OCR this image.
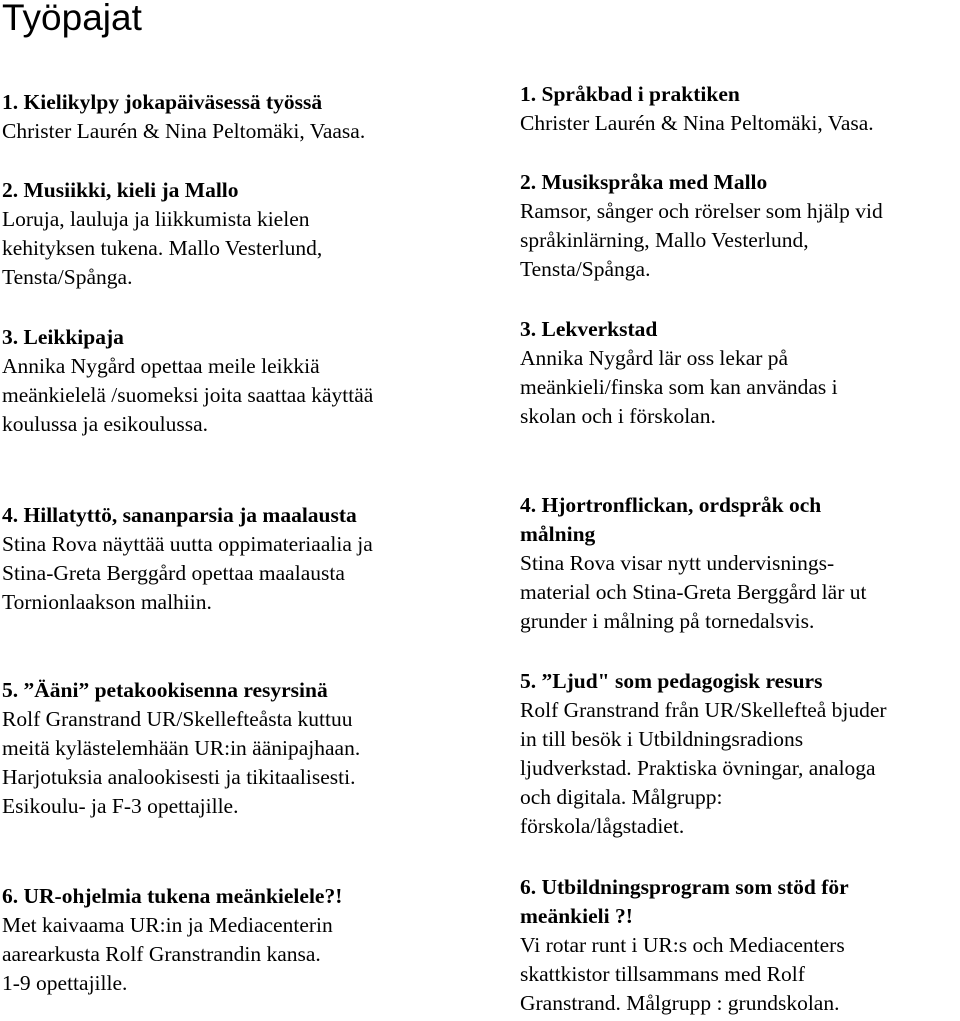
Työpajat
1. Kielikylpy jokapäiväsessä työssä
Christer Laurén & Nina Peltomäki, Vaasa.
2. Musiikki, kieli ja Mallo
Loruja, lauluja ja liikkumista kielen
kehityksen tukena. Mallo Vesterlund,
Tensta/Spånga.
3. Leikkipaja
Annika Nygård opettaa meile leikkiä
meänkielelä /suomeksi joita saattaa käyttää
koulussa ja esikoulussa.
4. Hillatyttö, sananparsia ja maalausta
Stina Rova näyttää uutta oppimateriaalia ja
Stina-Greta Berggård opettaa maalausta
Tornionlaakson malhiin.
5. ”Ääni” petakookisenna resyrsinä
Rolf Granstrand UR/Skellefteåsta kuttuu
meitä kylästelemhään UR:in äänipajhaan.
Harjotuksia analookisesti ja tikitaalisesti.
Esikoulu- ja F-3 opettajille.
6. UR-ohjelmia tukena meänkielele?!
Met kaivaama UR:in ja Mediacenterin
aarearkusta Rolf Granstrandin kansa.
1-9 opettajille.
1. Språkbad i praktiken
Christer Laurén & Nina Peltomäki, Vasa.
2. Musikspråka med Mallo
Ramsor, sånger och rörelser som hjälp vid
språkinlärning, Mallo Vesterlund,
Tensta/Spånga.
3. Lekverkstad
Annika Nygård lär oss lekar på
meänkieli/finska som kan användas i
skolan och i förskolan.
4. Hjortronflickan, ordspråk och
målning
Stina Rova visar nytt undervisnings-
material och Stina-Greta Berggård lär ut
grunder i målning på tornedalsvis.
5. ”Ljud" som pedagogisk resurs
Rolf Granstrand från UR/Skellefteå bjuder
in till besök i Utbildningsradions
ljudverkstad. Praktiska övningar, analoga
och digitala. Målgrupp:
förskola/lågstadiet.
6. Utbildningsprogram som stöd för
meänkieli ?!
Vi rotar runt i UR:s och Mediacenters
skattkistor tillsammans med Rolf
Granstrand. Målgrupp : grundskolan.
